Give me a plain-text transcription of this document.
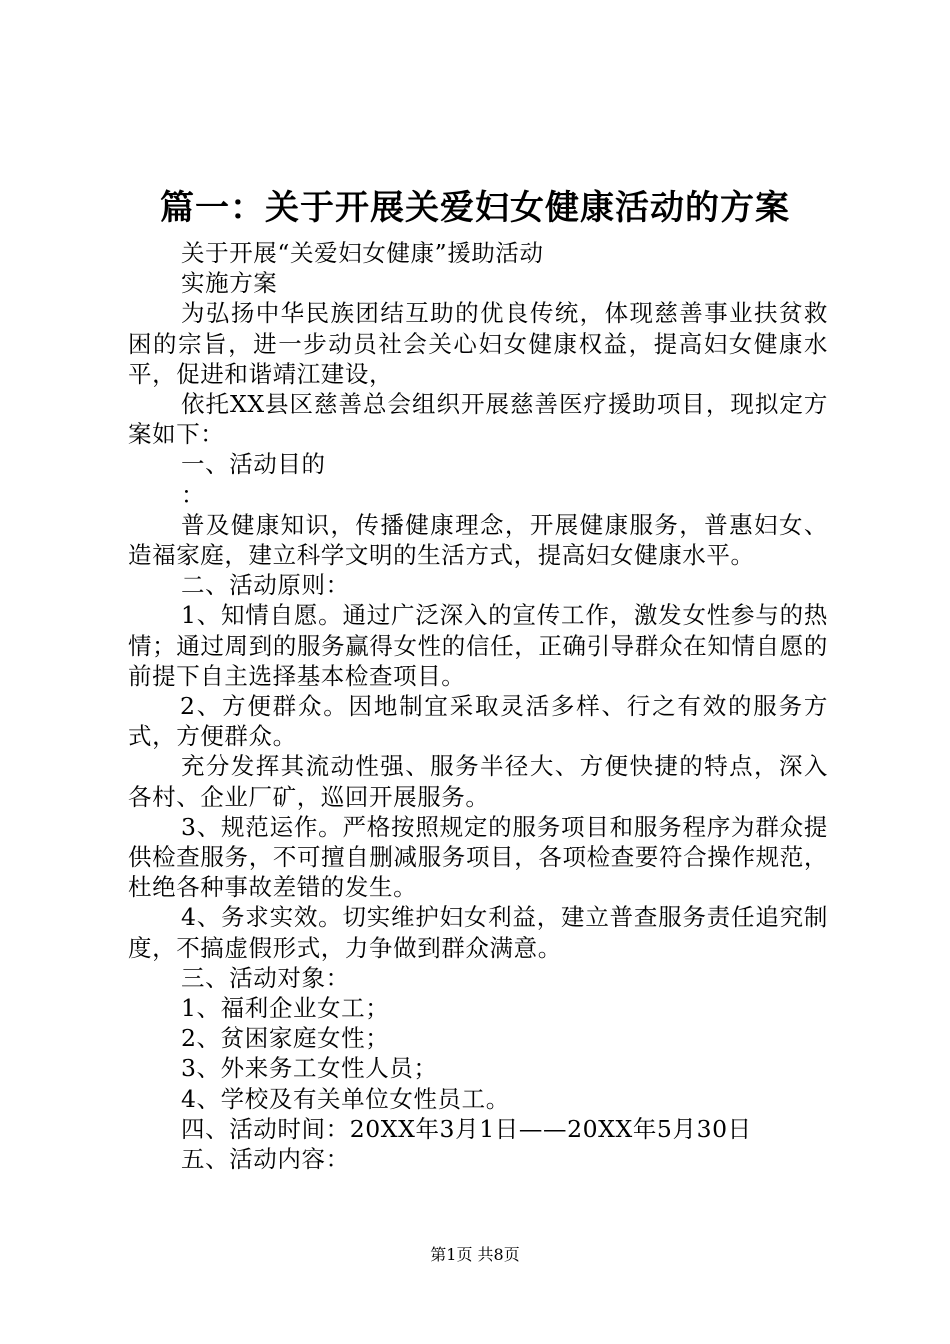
篇一：关于开展关爱妇女健康活动的方案

关于开展“关爱妇女健康”援助活动

实施方案

为弘扬中华民族团结互助的优良传统，体现慈善事业扶贫救困的宗旨，进一步动员社会关心妇女健康权益，提高妇女健康水平，促进和谐靖江建设，

依托XX县区慈善总会组织开展慈善医疗援助项目，现拟定方案如下：

一、活动目的

：

普及健康知识，传播健康理念，开展健康服务，普惠妇女、造福家庭，建立科学文明的生活方式，提高妇女健康水平。

二、活动原则：

1、知情自愿。通过广泛深入的宣传工作，激发女性参与的热情；通过周到的服务赢得女性的信任，正确引导群众在知情自愿的前提下自主选择基本检查项目。

2、方便群众。因地制宜采取灵活多样、行之有效的服务方式，方便群众。

充分发挥其流动性强、服务半径大、方便快捷的特点，深入各村、企业厂矿，巡回开展服务。

3、规范运作。严格按照规定的服务项目和服务程序为群众提供检查服务，不可擅自删减服务项目，各项检查要符合操作规范，杜绝各种事故差错的发生。

4、务求实效。切实维护妇女利益，建立普查服务责任追究制度，不搞虚假形式，力争做到群众满意。

三、活动对象：

1、福利企业女工；

2、贫困家庭女性；

3、外来务工女性人员；

4、学校及有关单位女性员工。

四、活动时间：20XX年3月1日——20XX年5月30日

五、活动内容：

第1页 共8页
